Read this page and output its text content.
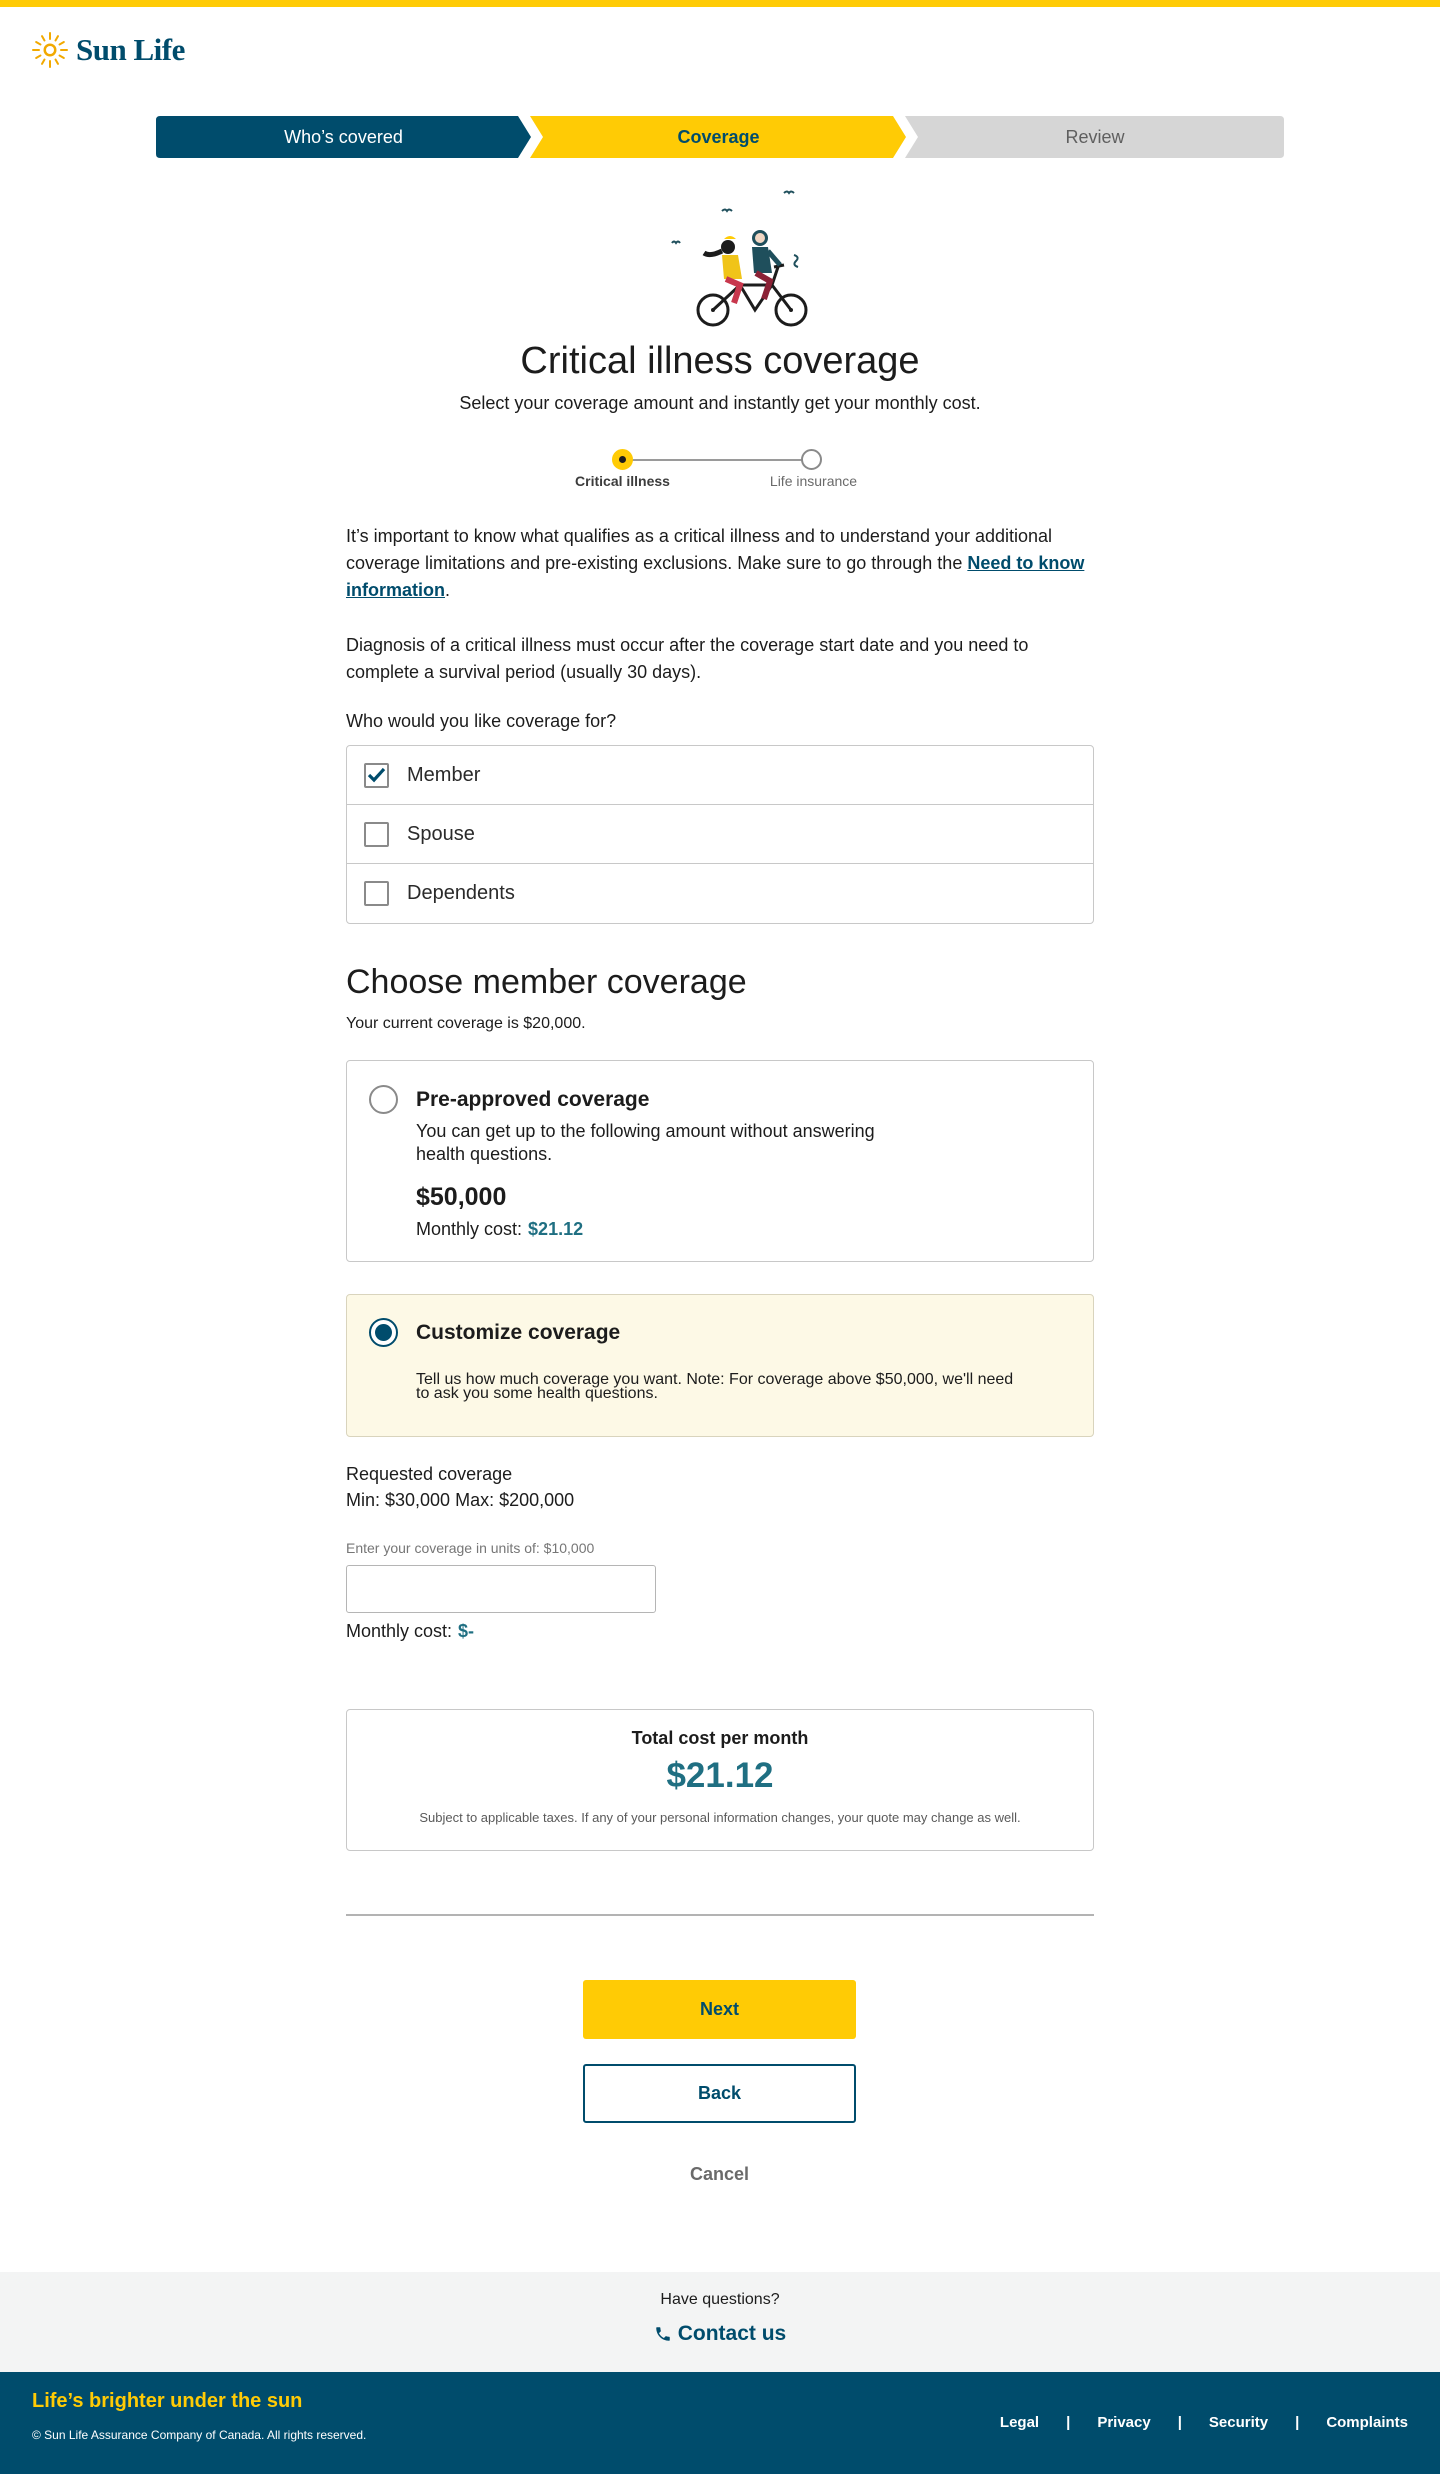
Sun Life
Who’s covered	Coverage	Review
Critical illness coverage

Select your coverage amount and instantly get your monthly cost.

Critical illness	Life insurance
It’s important to know what qualifies as a critical illness and to understand your additional coverage limitations and pre-existing exclusions. Make sure to go through the Need to know information.
Diagnosis of a critical illness must occur after the coverage start date and you need to complete a survival period (usually 30 days).
Who would you like coverage for?
Member
Spouse
Dependents
Choose member coverage

Your current coverage is $20,000.

Pre-approved coverage
You can get up to the following amount without answering
health questions.
$50,000
Monthly cost: $21.12
Customize coverage
Tell us how much coverage you want. Note: For coverage above $50,000, we'll need
to ask you some health questions.
Requested coverage
Min: $30,000 Max: $200,000
Enter your coverage in units of: $10,000
Monthly cost: $-
Total cost per month
$21.12
Subject to applicable taxes. If any of your personal information changes, your quote may change as well.
Next
Back
Cancel
Have questions?
Contact us
Life’s brighter under the sun
© Sun Life Assurance Company of Canada. All rights reserved.
Legal | Privacy | Security | Complaints
